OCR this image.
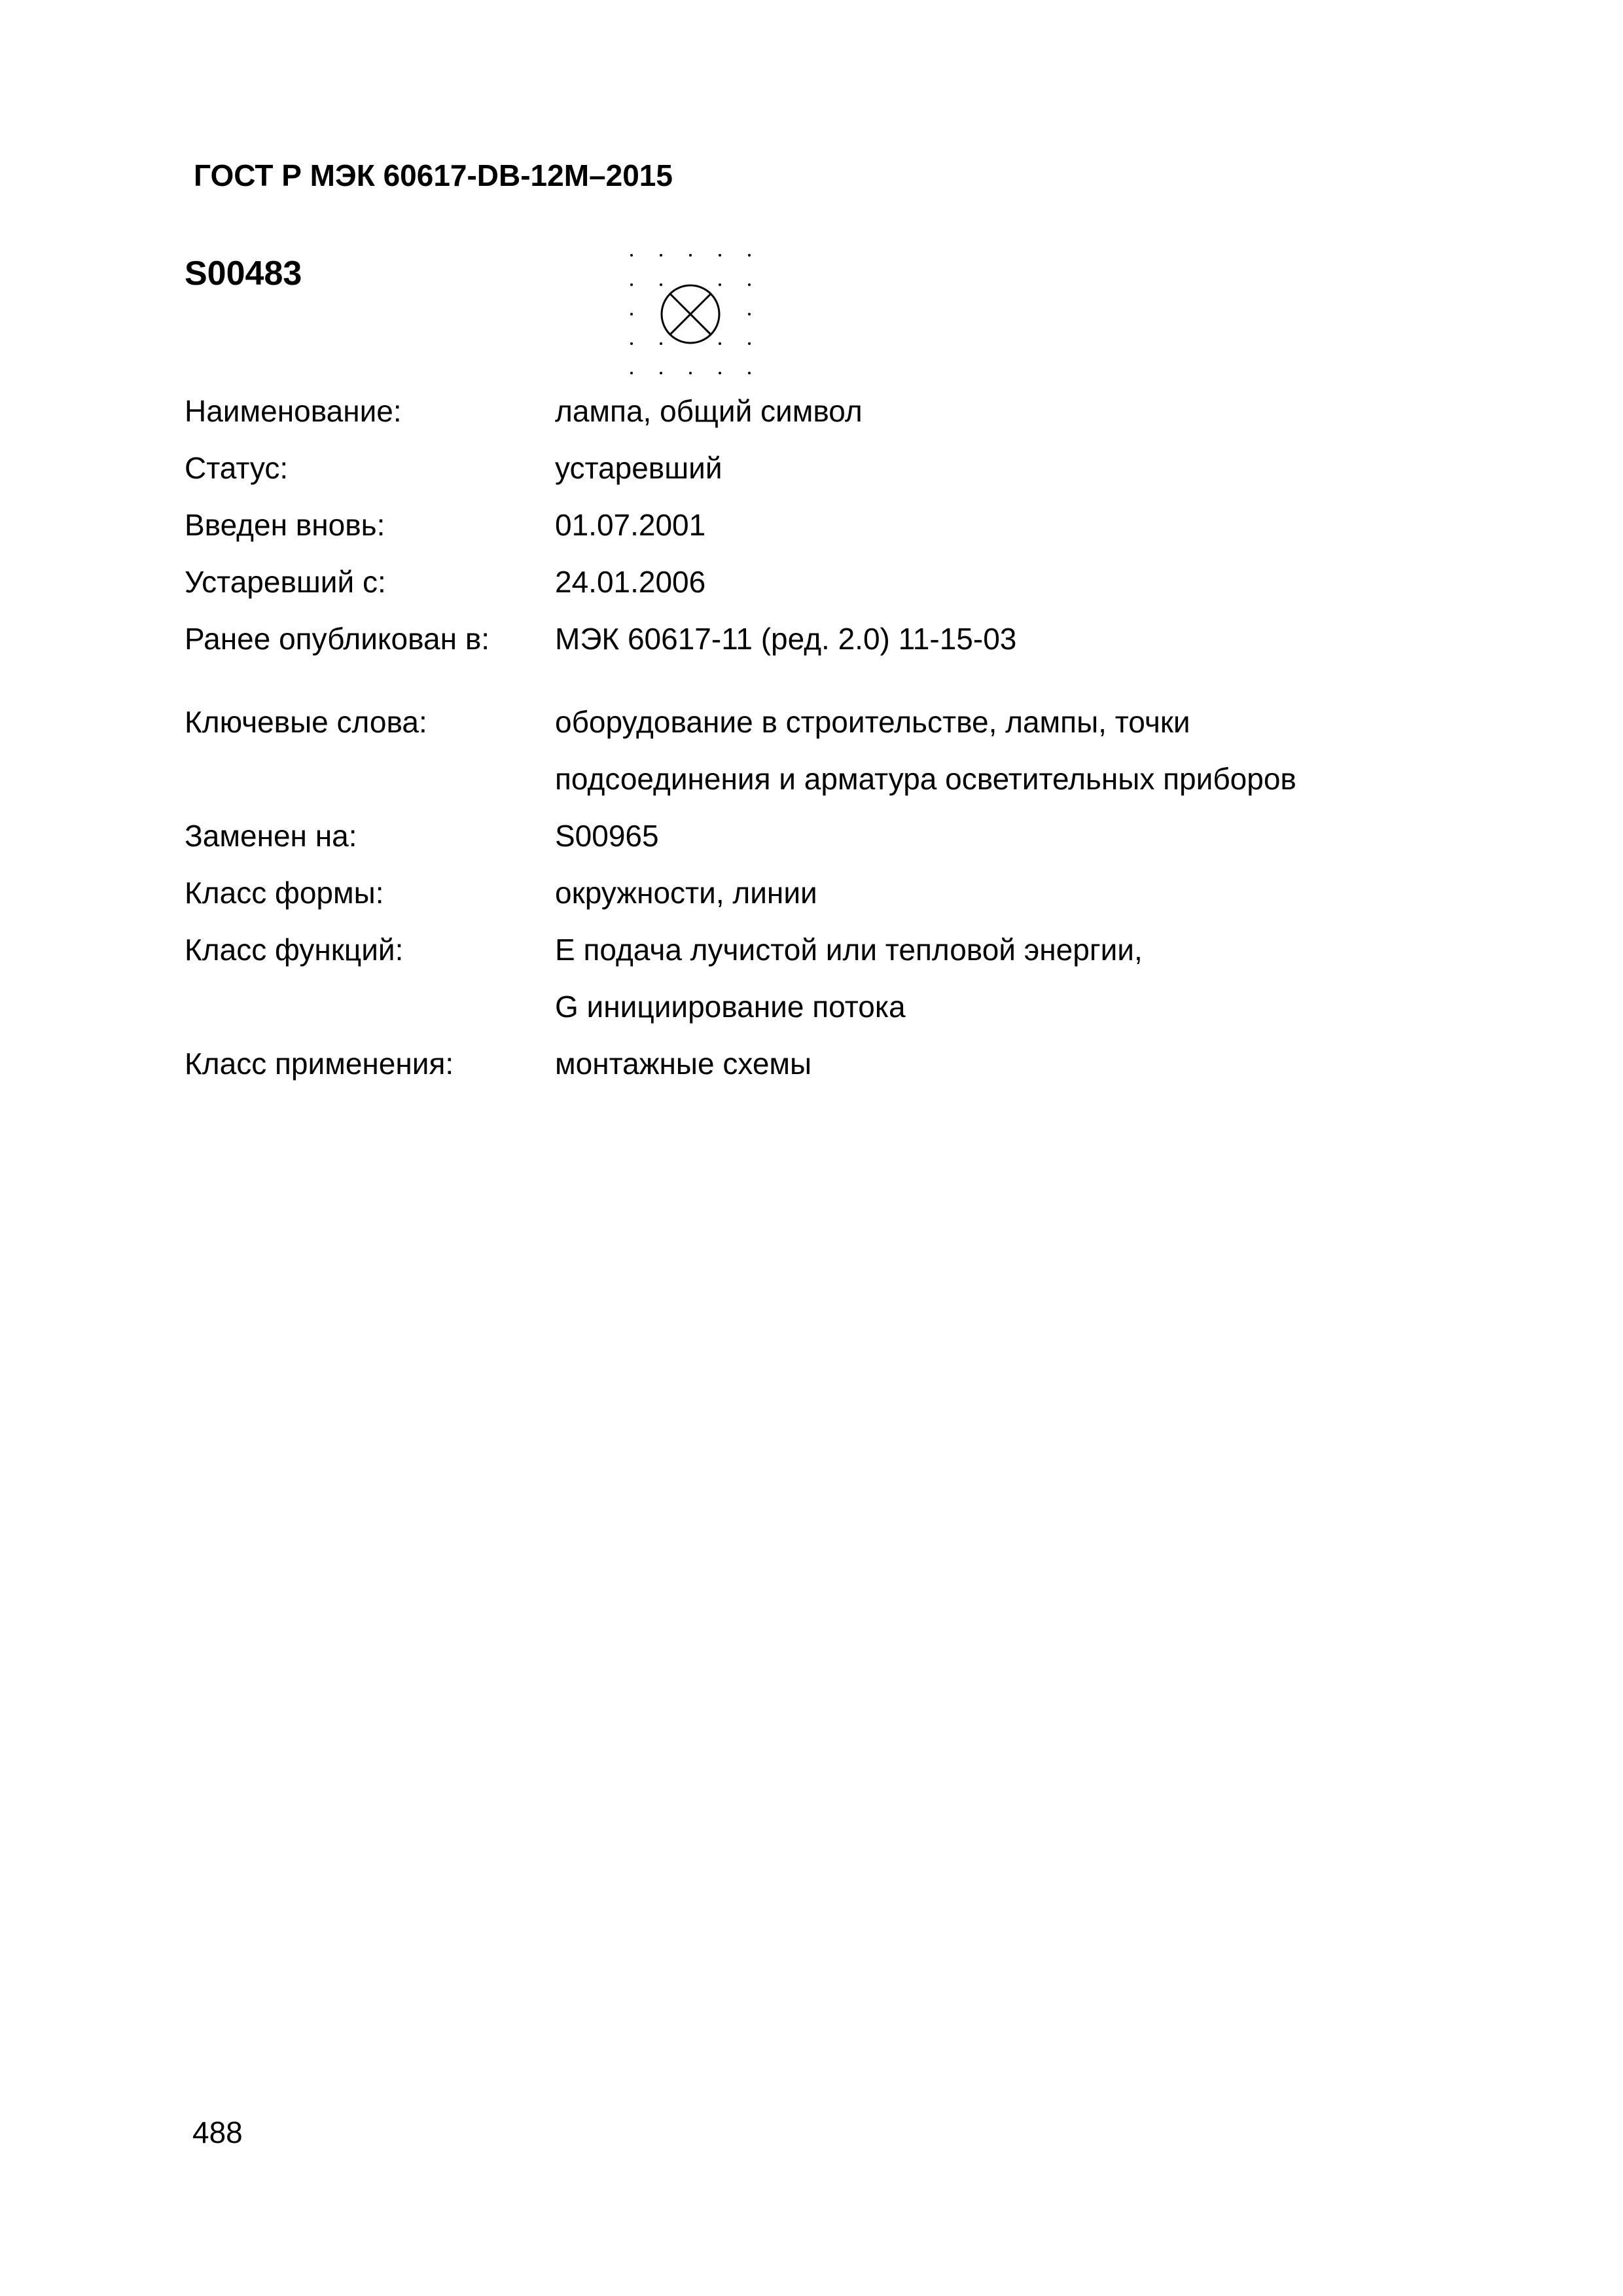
ГОСТ Р МЭК 60617-DB-12M–2015
S00483
Наименование:	лампа, общий символ
Статус:	устаревший
Введен вновь:	01.07.2001
Устаревший с:	24.01.2006
Ранее опубликован в:	МЭК 60617-11 (ред. 2.0) 11-15-03
Ключевые слова:	оборудование в строительстве, лампы, точки
подсоединения и арматура осветительных приборов
Заменен на:	S00965
Класс формы:	окружности, линии
Класс функций:	E подача лучистой или тепловой энергии,
G инициирование потока
Класс применения:	монтажные схемы
488
